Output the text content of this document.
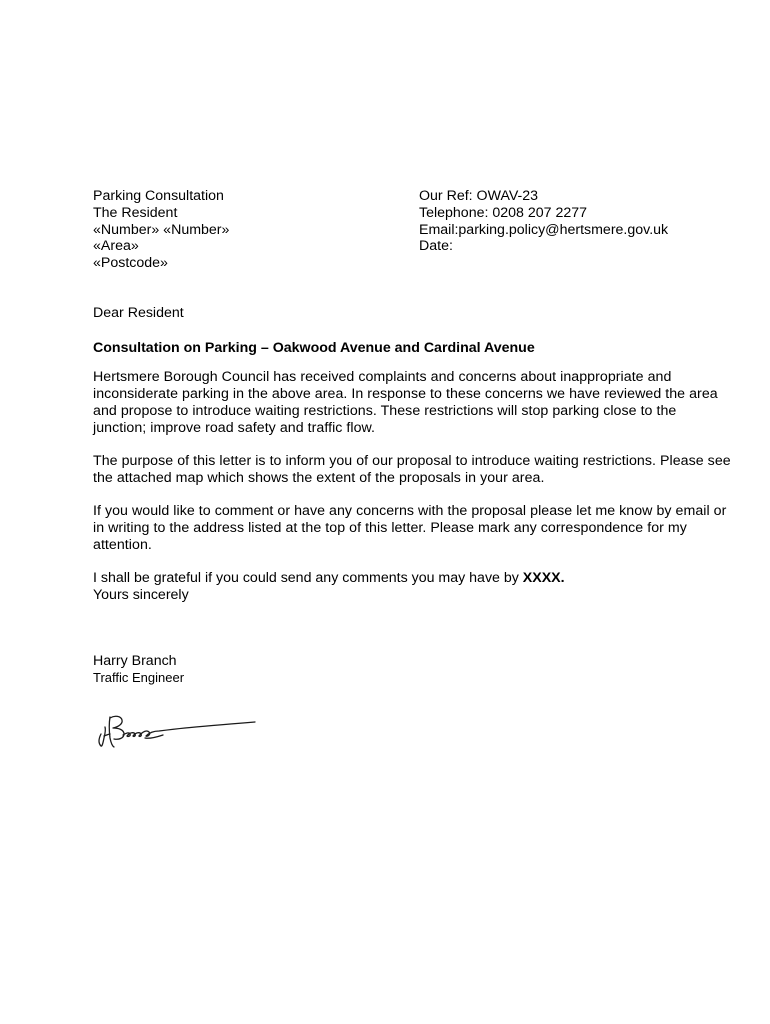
Parking Consultation
The Resident
«Number» «Number»
«Area»
«Postcode»
Our Ref: OWAV-23
Telephone: 0208 207 2277
Email:parking.policy@hertsmere.gov.uk
Date:

Dear Resident

Consultation on Parking – Oakwood Avenue and Cardinal Avenue

Hertsmere Borough Council has received complaints and concerns about inappropriate and inconsiderate parking in the above area. In response to these concerns we have reviewed the area and propose to introduce waiting restrictions. These restrictions will stop parking close to the junction; improve road safety and traffic flow.

The purpose of this letter is to inform you of our proposal to introduce waiting restrictions. Please see the attached map which shows the extent of the proposals in your area.

If you would like to comment or have any concerns with the proposal please let me know by email or in writing to the address listed at the top of this letter. Please mark any correspondence for my attention.

I shall be grateful if you could send any comments you may have by XXXX.

Yours sincerely

Harry Branch
Traffic Engineer
